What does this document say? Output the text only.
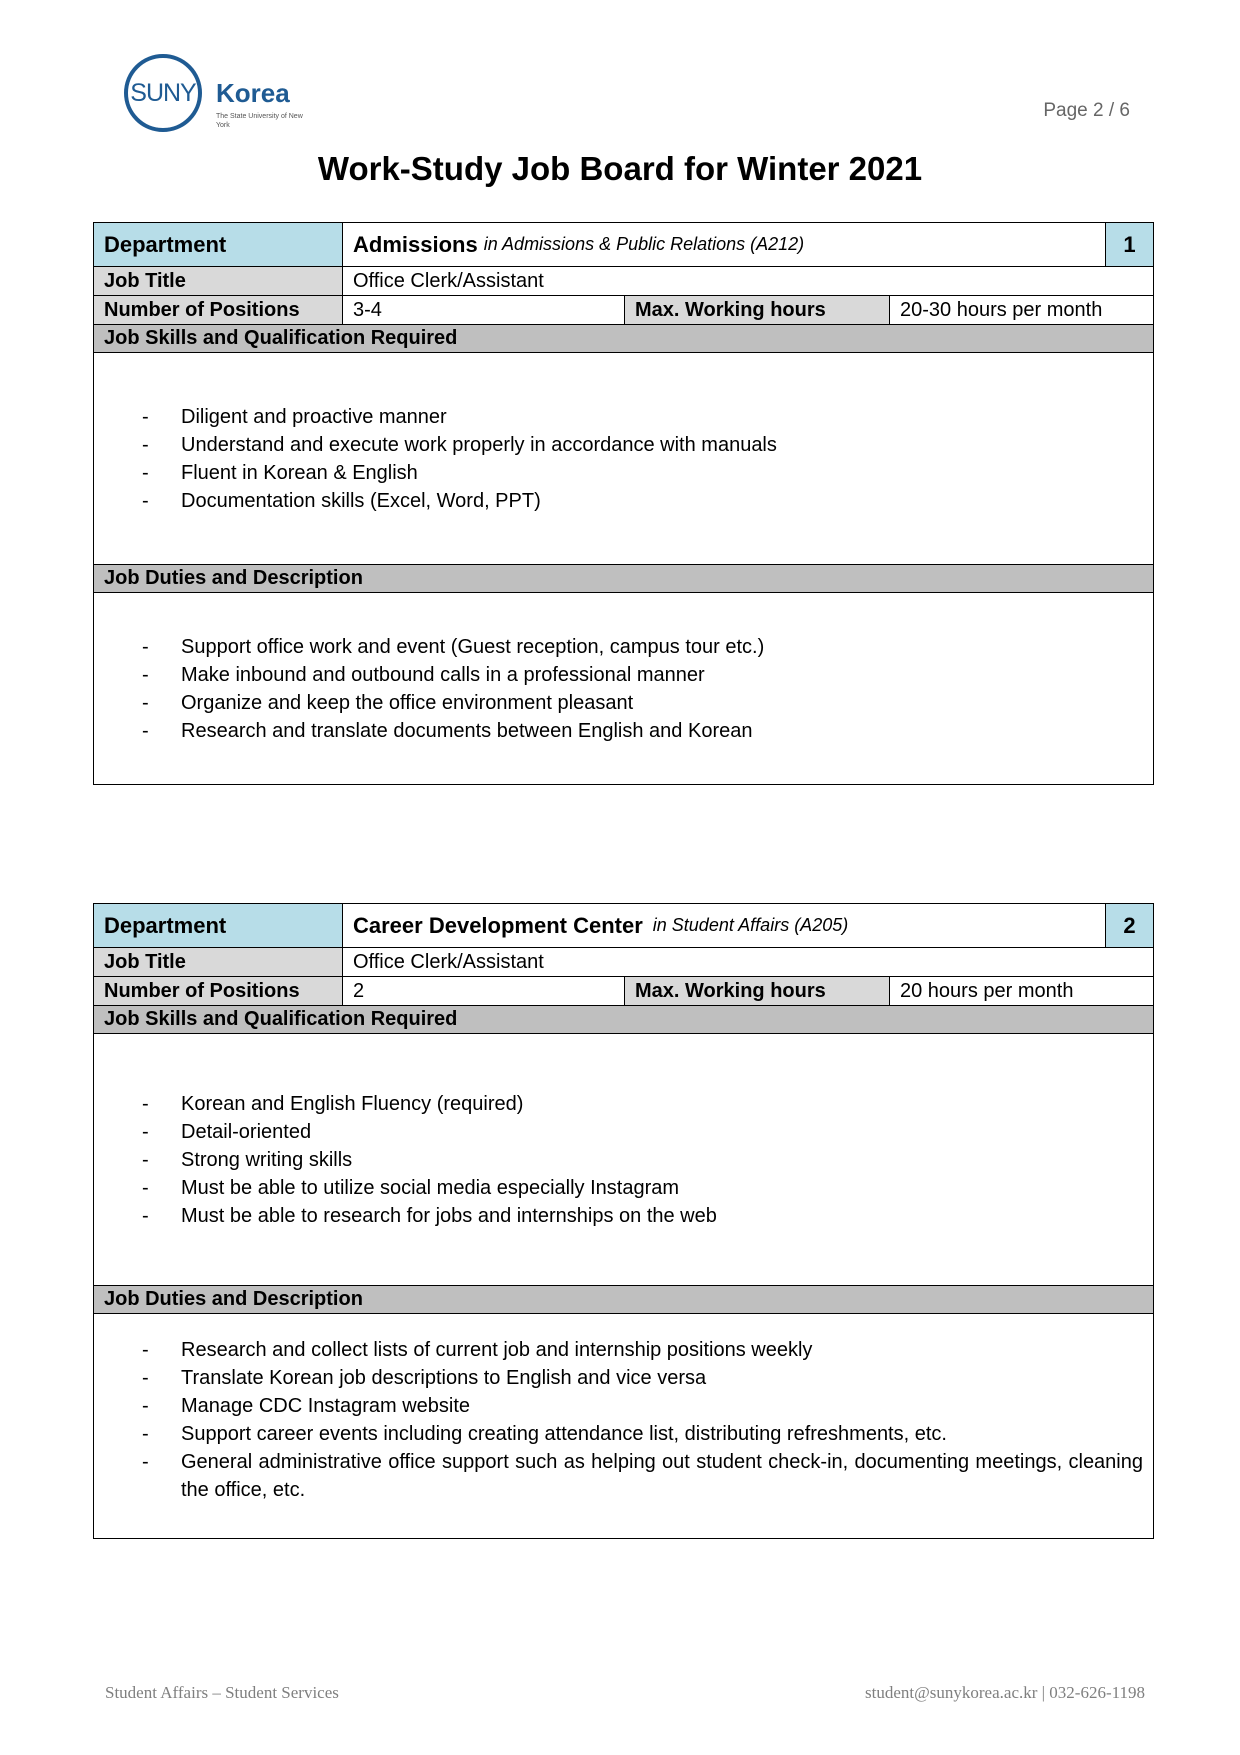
SUNY Korea
The State University of New York
Page 2 / 6
Work-Study Job Board for Winter 2021
Department	Admissions in Admissions & Public Relations (A212)	1
Job Title	Office Clerk/Assistant
Number of Positions	3-4	Max. Working hours	20-30 hours per month
Job Skills and Qualification Required
- Diligent and proactive manner
- Understand and execute work properly in accordance with manuals
- Fluent in Korean & English
- Documentation skills (Excel, Word, PPT)
Job Duties and Description
- Support office work and event (Guest reception, campus tour etc.)
- Make inbound and outbound calls in a professional manner
- Organize and keep the office environment pleasant
- Research and translate documents between English and Korean
Department	Career Development Center in Student Affairs (A205)	2
Job Title	Office Clerk/Assistant
Number of Positions	2	Max. Working hours	20 hours per month
Job Skills and Qualification Required
- Korean and English Fluency (required)
- Detail-oriented
- Strong writing skills
- Must be able to utilize social media especially Instagram
- Must be able to research for jobs and internships on the web
Job Duties and Description
- Research and collect lists of current job and internship positions weekly
- Translate Korean job descriptions to English and vice versa
- Manage CDC Instagram website
- Support career events including creating attendance list, distributing refreshments, etc.
- General administrative office support such as helping out student check-in, documenting meetings, cleaning the office, etc.
Student Affairs – Student Services	student@sunykorea.ac.kr | 032-626-1198
